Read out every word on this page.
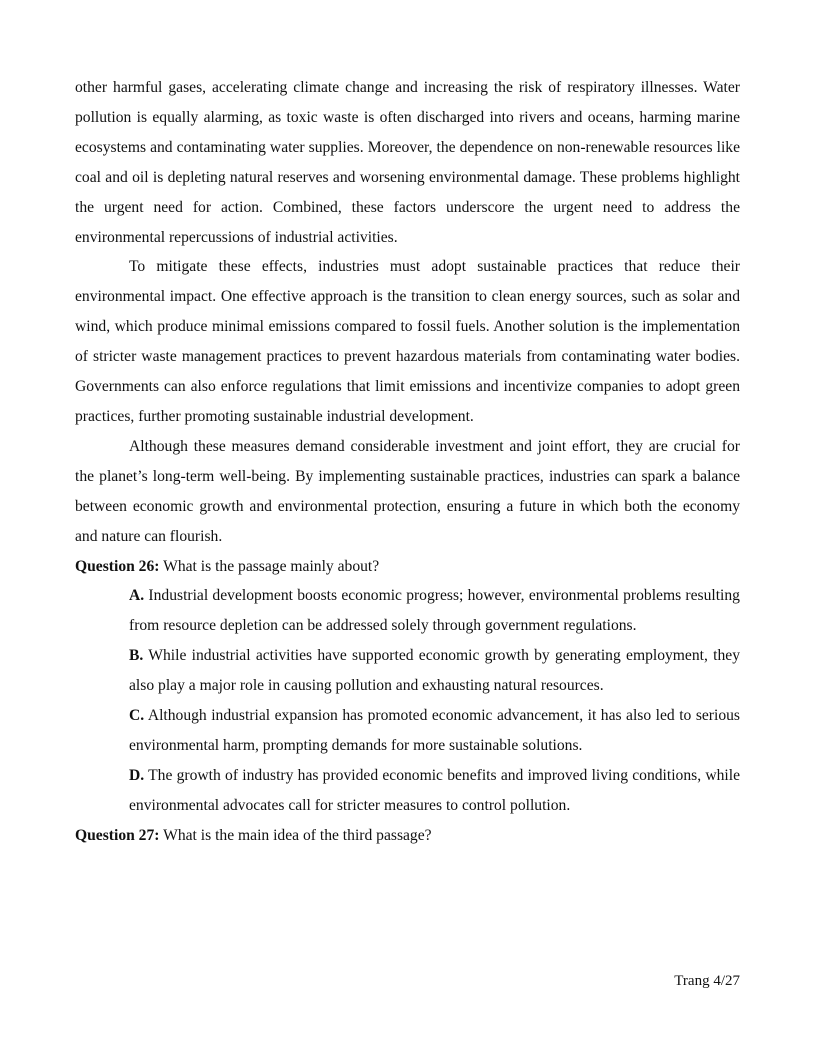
other harmful gases, accelerating climate change and increasing the risk of respiratory illnesses. Water pollution is equally alarming, as toxic waste is often discharged into rivers and oceans, harming marine ecosystems and contaminating water supplies. Moreover, the dependence on non-renewable resources like coal and oil is depleting natural reserves and worsening environmental damage. These problems highlight the urgent need for action. Combined, these factors underscore the urgent need to address the environmental repercussions of industrial activities.

To mitigate these effects, industries must adopt sustainable practices that reduce their environmental impact. One effective approach is the transition to clean energy sources, such as solar and wind, which produce minimal emissions compared to fossil fuels. Another solution is the implementation of stricter waste management practices to prevent hazardous materials from contaminating water bodies. Governments can also enforce regulations that limit emissions and incentivize companies to adopt green practices, further promoting sustainable industrial development.

Although these measures demand considerable investment and joint effort, they are crucial for the planet’s long-term well-being. By implementing sustainable practices, industries can spark a balance between economic growth and environmental protection, ensuring a future in which both the economy and nature can flourish.

Question 26: What is the passage mainly about?

A. Industrial development boosts economic progress; however, environmental problems resulting from resource depletion can be addressed solely through government regulations.

B. While industrial activities have supported economic growth by generating employment, they also play a major role in causing pollution and exhausting natural resources.

C. Although industrial expansion has promoted economic advancement, it has also led to serious environmental harm, prompting demands for more sustainable solutions.

D. The growth of industry has provided economic benefits and improved living conditions, while environmental advocates call for stricter measures to control pollution.

Question 27: What is the main idea of the third passage?

Trang 4/27
